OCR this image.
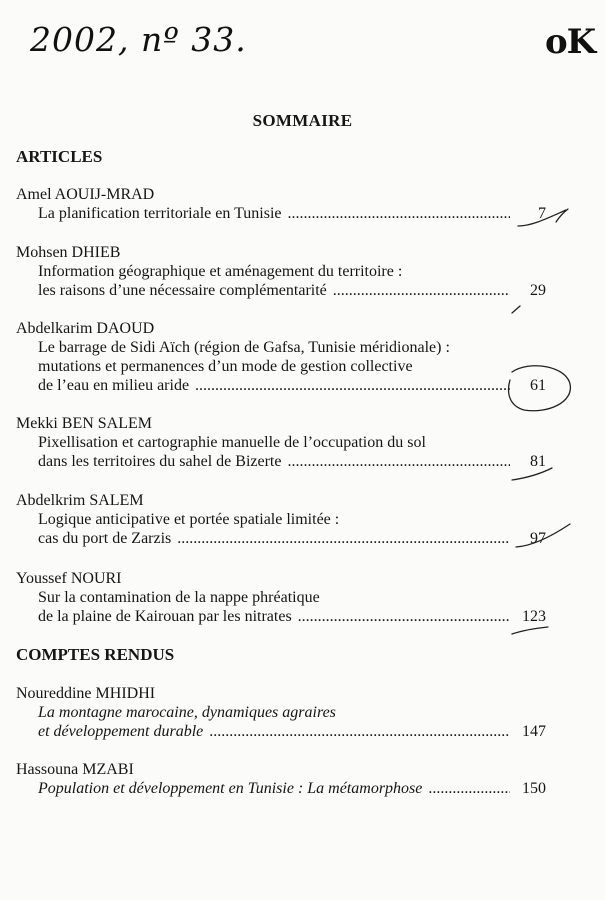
2002, nº 33.	oK
SOMMAIRE
ARTICLES
Amel AOUIJ-MRAD
La planification territoriale en Tunisie .....	7
Mohsen DHIEB
Information géographique et aménagement du territoire :
les raisons d’une nécessaire complémentarité .....	29
Abdelkarim DAOUD
Le barrage de Sidi Aïch (région de Gafsa, Tunisie méridionale) :
mutations et permanences d’un mode de gestion collective
de l’eau en milieu aride .....	61
Mekki BEN SALEM
Pixellisation et cartographie manuelle de l’occupation du sol
dans les territoires du sahel de Bizerte .....	81
Abdelkrim SALEM
Logique anticipative et portée spatiale limitée :
cas du port de Zarzis .....	97
Youssef NOURI
Sur la contamination de la nappe phréatique
de la plaine de Kairouan par les nitrates .....	123
COMPTES RENDUS
Noureddine MHIDHI
La montagne marocaine, dynamiques agraires
et développement durable .....	147
Hassouna MZABI
Population et développement en Tunisie : La métamorphose .....	150
